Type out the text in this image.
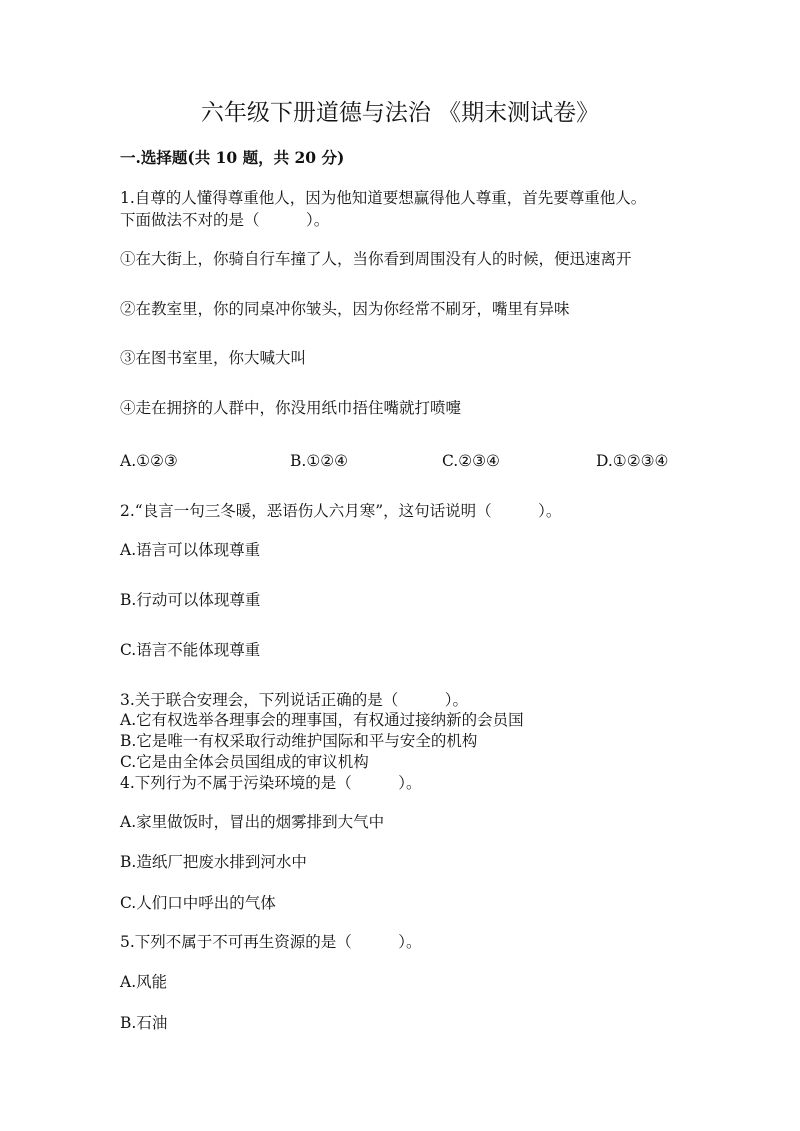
六年级下册道德与法治 《期末测试卷》
一.选择题(共 10 题，共 20 分)
1.自尊的人懂得尊重他人，因为他知道要想赢得他人尊重，首先要尊重他人。
下面做法不对的是（　　　）。
①在大街上，你骑自行车撞了人，当你看到周围没有人的时候，便迅速离开
②在教室里，你的同桌冲你皱头，因为你经常不刷牙，嘴里有异味
③在图书室里，你大喊大叫
④走在拥挤的人群中，你没用纸巾捂住嘴就打喷嚏
A.①②③	B.①②④	C.②③④	D.①②③④
2.“良言一句三冬暖，恶语伤人六月寒”，这句话说明（　　　）。
A.语言可以体现尊重
B.行动可以体现尊重
C.语言不能体现尊重
3.关于联合安理会，下列说话正确的是（　　　）。
A.它有权选举各理事会的理事国，有权通过接纳新的会员国
B.它是唯一有权采取行动维护国际和平与安全的机构
C.它是由全体会员国组成的审议机构
4.下列行为不属于污染环境的是（　　　）。
A.家里做饭时，冒出的烟雾排到大气中
B.造纸厂把废水排到河水中
C.人们口中呼出的气体
5.下列不属于不可再生资源的是（　　　）。
A.风能
B.石油
